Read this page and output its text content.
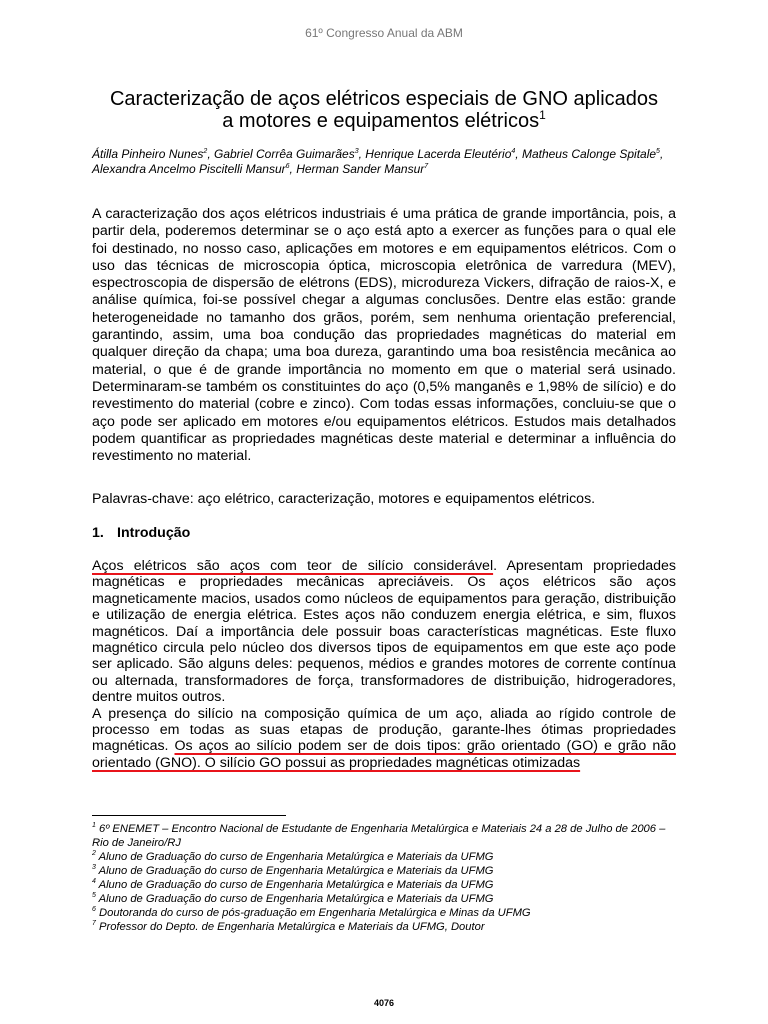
61º Congresso Anual da ABM
Caracterização de aços elétricos especiais de GNO aplicados
a motores e equipamentos elétricos$^1$
Átilla Pinheiro Nunes$^2$, Gabriel Corrêa Guimarães$^3$, Henrique Lacerda Eleutério$^4$, Matheus Calonge Spitale$^5$, Alexandra Ancelmo Piscitelli Mansur$^6$, Herman Sander Mansur$^7$

A caracterização dos aços elétricos industriais é uma prática de grande importância, pois, a partir dela, poderemos determinar se o aço está apto a exercer as funções para o qual ele foi destinado, no nosso caso, aplicações em motores e em equipamentos elétricos. Com o uso das técnicas de microscopia óptica, microscopia eletrônica de varredura (MEV), espectroscopia de dispersão de elétrons (EDS), microdureza Vickers, difração de raios-X, e análise química, foi-se possível chegar a algumas conclusões. Dentre elas estão: grande heterogeneidade no tamanho dos grãos, porém, sem nenhuma orientação preferencial, garantindo, assim, uma boa condução das propriedades magnéticas do material em qualquer direção da chapa; uma boa dureza, garantindo uma boa resistência mecânica ao material, o que é de grande importância no momento em que o material será usinado. Determinaram-se também os constituintes do aço (0,5% manganês e 1,98% de silício) e do revestimento do material (cobre e zinco). Com todas essas informações, concluiu-se que o aço pode ser aplicado em motores e/ou equipamentos elétricos. Estudos mais detalhados podem quantificar as propriedades magnéticas deste material e determinar a influência do revestimento no material.

Palavras-chave: aço elétrico, caracterização, motores e equipamentos elétricos.
1. Introdução

Aços elétricos são aços com teor de silício considerável. Apresentam propriedades magnéticas e propriedades mecânicas apreciáveis. Os aços elétricos são aços magneticamente macios, usados como núcleos de equipamentos para geração, distribuição e utilização de energia elétrica. Estes aços não conduzem energia elétrica, e sim, fluxos magnéticos. Daí a importância dele possuir boas características magnéticas. Este fluxo magnético circula pelo núcleo dos diversos tipos de equipamentos em que este aço pode ser aplicado. São alguns deles: pequenos, médios e grandes motores de corrente contínua ou alternada, transformadores de força, transformadores de distribuição, hidrogeradores, dentre muitos outros.

A presença do silício na composição química de um aço, aliada ao rígido controle de processo em todas as suas etapas de produção, garante-lhes ótimas propriedades magnéticas. Os aços ao silício podem ser de dois tipos: grão orientado (GO) e grão não orientado (GNO). O silício GO possui as propriedades magnéticas otimizadas

$^1$ 6º ENEMET – Encontro Nacional de Estudante de Engenharia Metalúrgica e Materiais 24 a 28 de Julho de 2006 – Rio de Janeiro/RJ
$^2$ Aluno de Graduação do curso de Engenharia Metalúrgica e Materiais da UFMG
$^3$ Aluno de Graduação do curso de Engenharia Metalúrgica e Materiais da UFMG
$^4$ Aluno de Graduação do curso de Engenharia Metalúrgica e Materiais da UFMG
$^5$ Aluno de Graduação do curso de Engenharia Metalúrgica e Materiais da UFMG
$^6$ Doutoranda do curso de pós-graduação em Engenharia Metalúrgica e Minas da UFMG
$^7$ Professor do Depto. de Engenharia Metalúrgica e Materiais da UFMG, Doutor
4076
